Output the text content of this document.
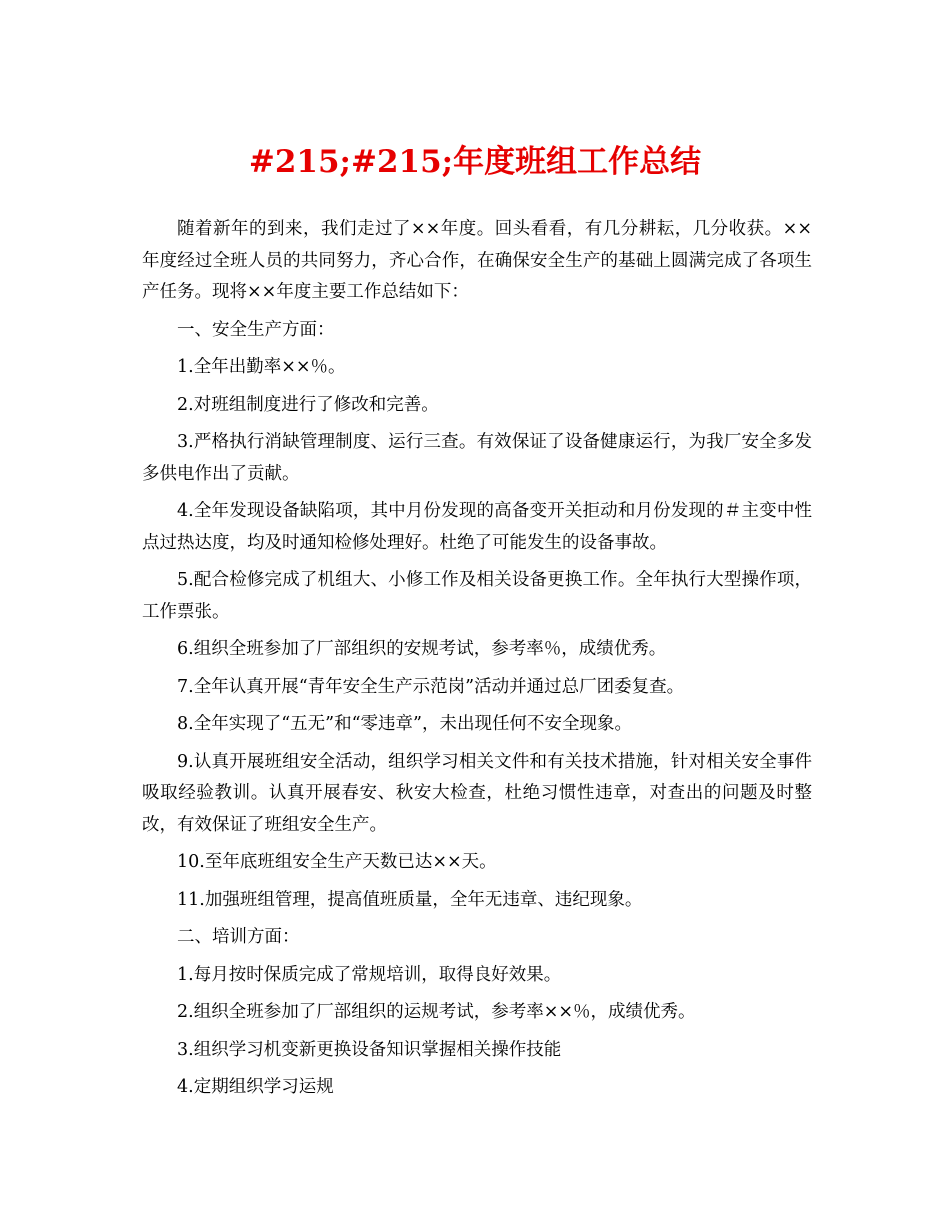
#215;#215;年度班组工作总结

随着新年的到来，我们走过了××年度。回头看看，有几分耕耘，几分收获。××年度经过全班人员的共同努力，齐心合作，在确保安全生产的基础上圆满完成了各项生产任务。现将××年度主要工作总结如下：

一、安全生产方面：

1.全年出勤率××％。

2.对班组制度进行了修改和完善。

3.严格执行消缺管理制度、运行三查。有效保证了设备健康运行，为我厂安全多发多供电作出了贡献。

4.全年发现设备缺陷项，其中月份发现的高备变开关拒动和月份发现的＃主变中性点过热达度，均及时通知检修处理好。杜绝了可能发生的设备事故。

5.配合检修完成了机组大、小修工作及相关设备更换工作。全年执行大型操作项，工作票张。

6.组织全班参加了厂部组织的安规考试，参考率％，成绩优秀。

7.全年认真开展“青年安全生产示范岗”活动并通过总厂团委复查。

8.全年实现了“五无”和“零违章”，未出现任何不安全现象。

9.认真开展班组安全活动，组织学习相关文件和有关技术措施，针对相关安全事件吸取经验教训。认真开展春安、秋安大检查，杜绝习惯性违章，对查出的问题及时整改，有效保证了班组安全生产。

10.至年底班组安全生产天数已达××天。

11.加强班组管理，提高值班质量，全年无违章、违纪现象。

二、培训方面：

1.每月按时保质完成了常规培训，取得良好效果。

2.组织全班参加了厂部组织的运规考试，参考率××％，成绩优秀。

3.组织学习机变新更换设备知识掌握相关操作技能

4.定期组织学习运规
